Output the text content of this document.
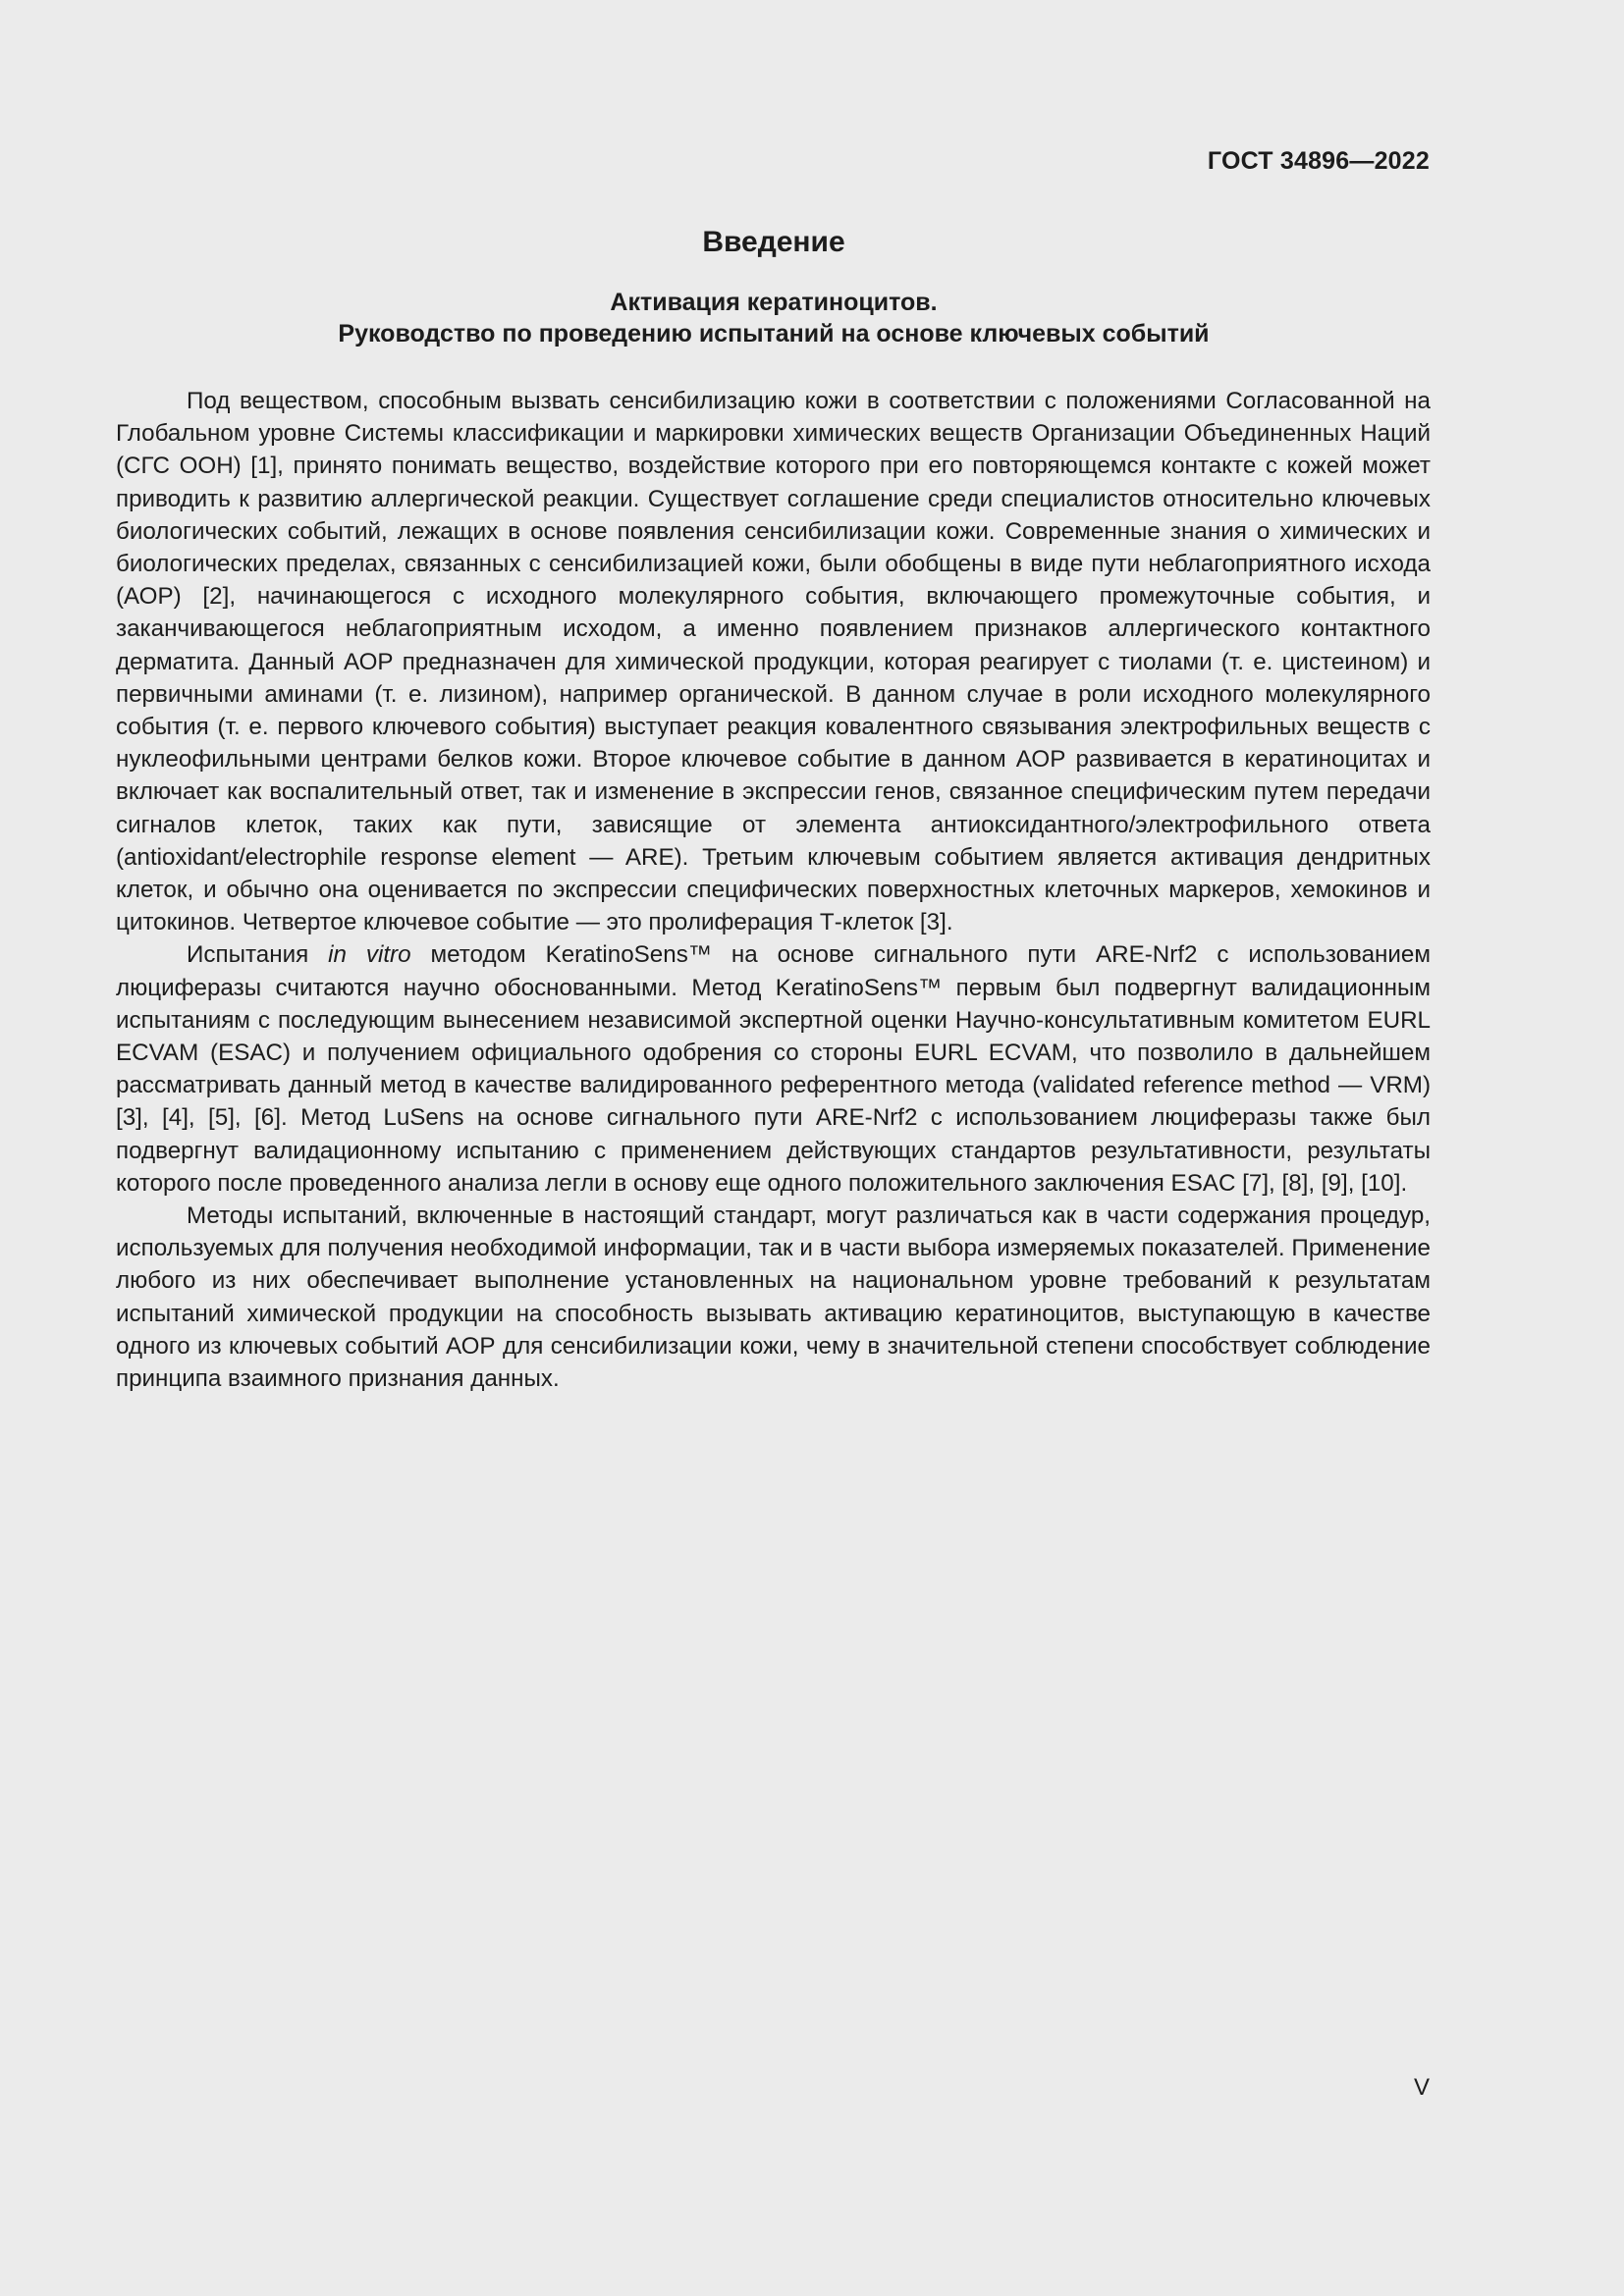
ГОСТ 34896—2022
Введение
Активация кератиноцитов.
Руководство по проведению испытаний на основе ключевых событий

Под веществом, способным вызвать сенсибилизацию кожи в соответствии с положениями Согласованной на Глобальном уровне Системы классификации и маркировки химических веществ Организации Объединенных Наций (СГС ООН) [1], принято понимать вещество, воздействие которого при его повторяющемся контакте с кожей может приводить к развитию аллергической реакции. Существует соглашение среди специалистов относительно ключевых биологических событий, лежащих в основе появления сенсибилизации кожи. Современные знания о химических и биологических пределах, связанных с сенсибилизацией кожи, были обобщены в виде пути неблагоприятного исхода (АОР) [2], начинающегося с исходного молекулярного события, включающего промежуточные события, и заканчивающегося неблагоприятным исходом, а именно появлением признаков аллергического контактного дерматита. Данный АОР предназначен для химической продукции, которая реагирует с тиолами (т. е. цистеином) и первичными аминами (т. е. лизином), например органической. В данном случае в роли исходного молекулярного события (т. е. первого ключевого события) выступает реакция ковалентного связывания электрофильных веществ с нуклеофильными центрами белков кожи. Второе ключевое событие в данном АОР развивается в кератиноцитах и включает как воспалительный ответ, так и изменение в экспрессии генов, связанное специфическим путем передачи сигналов клеток, таких как пути, зависящие от элемента антиоксидантного/электрофильного ответа (antioxidant/electrophile response element — ARE). Третьим ключевым событием является активация дендритных клеток, и обычно она оценивается по экспрессии специфических поверхностных клеточных маркеров, хемокинов и цитокинов. Четвертое ключевое событие — это пролиферация Т-клеток [3].

Испытания in vitro методом KeratinoSens™ на основе сигнального пути ARE-Nrf2 с использованием люциферазы считаются научно обоснованными. Метод KeratinoSens™ первым был подвергнут валидационным испытаниям с последующим вынесением независимой экспертной оценки Научно-консультативным комитетом EURL ECVAM (ESAC) и получением официального одобрения со стороны EURL ECVAM, что позволило в дальнейшем рассматривать данный метод в качестве валидированного референтного метода (validated reference method — VRM) [3], [4], [5], [6]. Метод LuSens на основе сигнального пути ARE-Nrf2 с использованием люциферазы также был подвергнут валидационному испытанию с применением действующих стандартов результативности, результаты которого после проведенного анализа легли в основу еще одного положительного заключения ESAC [7], [8], [9], [10].

Методы испытаний, включенные в настоящий стандарт, могут различаться как в части содержания процедур, используемых для получения необходимой информации, так и в части выбора измеряемых показателей. Применение любого из них обеспечивает выполнение установленных на национальном уровне требований к результатам испытаний химической продукции на способность вызывать активацию кератиноцитов, выступающую в качестве одного из ключевых событий АОР для сенсибилизации кожи, чему в значительной степени способствует соблюдение принципа взаимного признания данных.

V
